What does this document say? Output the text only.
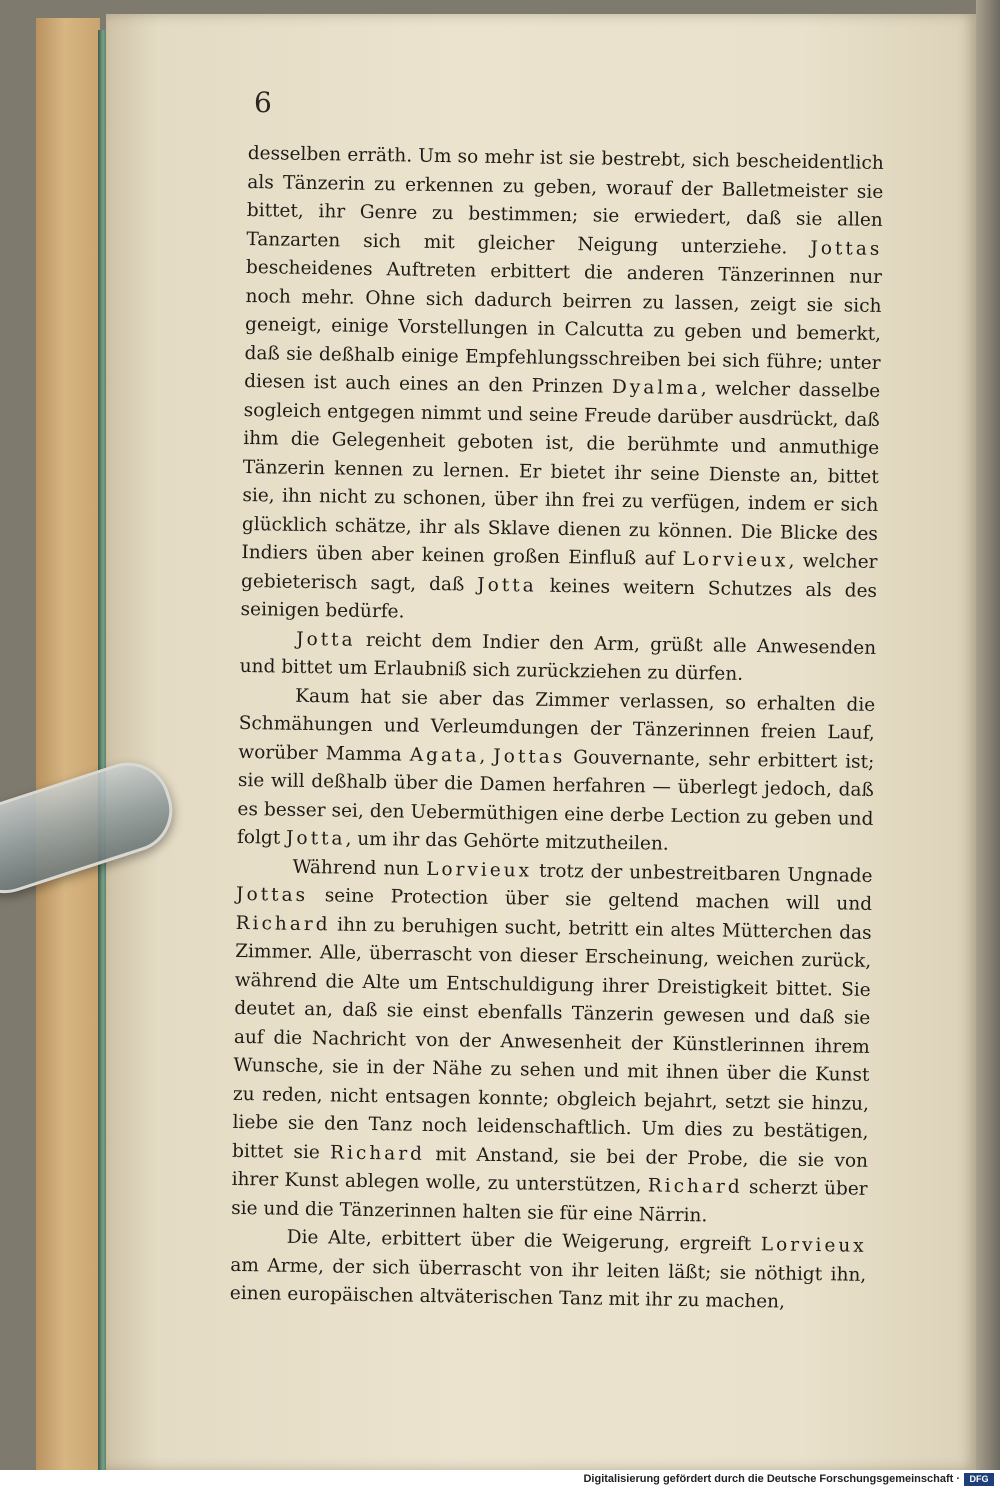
6

desselben erräth. Um so mehr ist sie bestrebt, sich bescheidentlich als Tänzerin zu erkennen zu geben, worauf der Balletmeister sie bittet, ihr Genre zu bestimmen; sie erwiedert, daß sie allen Tanzarten sich mit gleicher Neigung unterziehe. Jottas bescheidenes Auftreten erbittert die anderen Tänzerinnen nur noch mehr. Ohne sich dadurch beirren zu lassen, zeigt sie sich geneigt, einige Vorstellungen in Calcutta zu geben und bemerkt, daß sie deßhalb einige Empfehlungsschreiben bei sich führe; unter diesen ist auch eines an den Prinzen Dyalma, welcher dasselbe sogleich entgegen nimmt und seine Freude darüber ausdrückt, daß ihm die Gelegenheit geboten ist, die berühmte und anmuthige Tänzerin kennen zu lernen. Er bietet ihr seine Dienste an, bittet sie, ihn nicht zu schonen, über ihn frei zu verfügen, indem er sich glücklich schätze, ihr als Sklave dienen zu können. Die Blicke des Indiers üben aber keinen großen Einfluß auf Lorvieux, welcher gebieterisch sagt, daß Jotta keines weitern Schutzes als des seinigen bedürfe.

Jotta reicht dem Indier den Arm, grüßt alle Anwesenden und bittet um Erlaubniß sich zurückziehen zu dürfen.

Kaum hat sie aber das Zimmer verlassen, so erhalten die Schmähungen und Verleumdungen der Tänzerinnen freien Lauf, worüber Mamma Agata, Jottas Gouvernante, sehr erbittert ist; sie will deßhalb über die Damen herfahren — überlegt jedoch, daß es besser sei, den Uebermüthigen eine derbe Lection zu geben und folgt Jotta, um ihr das Gehörte mitzutheilen.

Während nun Lorvieux trotz der unbestreitbaren Ungnade Jottas seine Protection über sie geltend machen will und Richard ihn zu beruhigen sucht, betritt ein altes Mütterchen das Zimmer. Alle, überrascht von dieser Erscheinung, weichen zurück, während die Alte um Entschuldigung ihrer Dreistigkeit bittet. Sie deutet an, daß sie einst ebenfalls Tänzerin gewesen und daß sie auf die Nachricht von der Anwesenheit der Künstlerinnen ihrem Wunsche, sie in der Nähe zu sehen und mit ihnen über die Kunst zu reden, nicht entsagen konnte; obgleich bejahrt, setzt sie hinzu, liebe sie den Tanz noch leidenschaftlich. Um dies zu bestätigen, bittet sie Richard mit Anstand, sie bei der Probe, die sie von ihrer Kunst ablegen wolle, zu unterstützen, Richard scherzt über sie und die Tänzerinnen halten sie für eine Närrin.

Die Alte, erbittert über die Weigerung, ergreift Lorvieux am Arme, der sich überrascht von ihr leiten läßt; sie nöthigt ihn, einen europäischen altväterischen Tanz mit ihr zu machen,

Digitalisierung gefördert durch die Deutsche Forschungsgemeinschaft ·	DFG
